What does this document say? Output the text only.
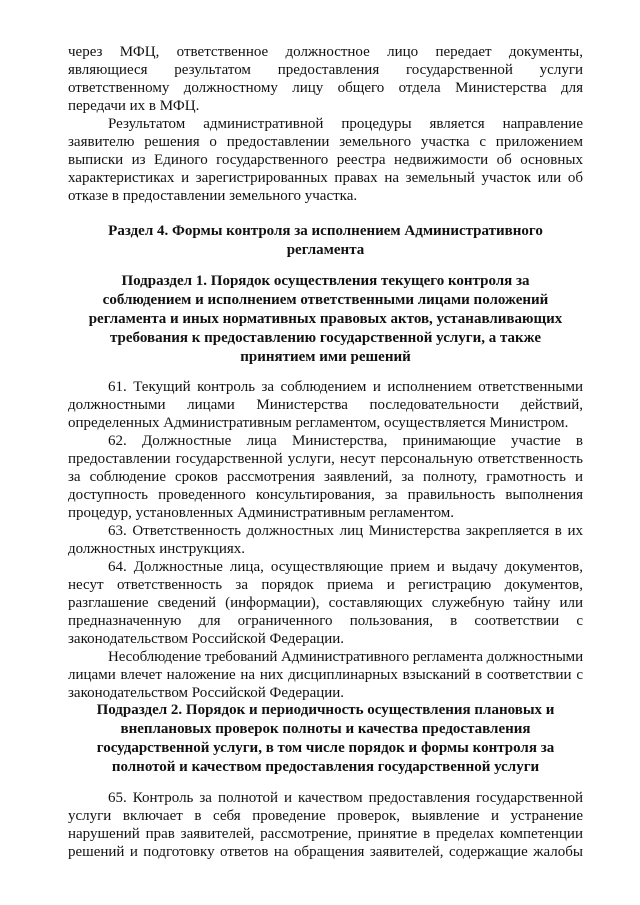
через МФЦ, ответственное должностное лицо передает документы,
являющиеся результатом предоставления государственной услуги
ответственному должностному лицу общего отдела Министерства для
передачи их в МФЦ.
Результатом административной процедуры является направление
заявителю решения о предоставлении земельного участка с приложением
выписки из Единого государственного реестра недвижимости об основных
характеристиках и зарегистрированных правах на земельный участок или об
отказе в предоставлении земельного участка.
Раздел 4. Формы контроля за исполнением Административного
регламента
Подраздел 1. Порядок осуществления текущего контроля за
соблюдением и исполнением ответственными лицами положений
регламента и иных нормативных правовых актов, устанавливающих
требования к предоставлению государственной услуги, а также
принятием ими решений
61. Текущий контроль за соблюдением и исполнением ответственными
должностными лицами Министерства последовательности действий,
определенных Административным регламентом, осуществляется Министром.
62. Должностные лица Министерства, принимающие участие в
предоставлении государственной услуги, несут персональную ответственность
за соблюдение сроков рассмотрения заявлений, за полноту, грамотность и
доступность проведенного консультирования, за правильность выполнения
процедур, установленных Административным регламентом.
63. Ответственность должностных лиц Министерства закрепляется в их
должностных инструкциях.
64. Должностные лица, осуществляющие прием и выдачу документов,
несут ответственность за порядок приема и регистрацию документов,
разглашение сведений (информации), составляющих служебную тайну или
предназначенную для ограниченного пользования, в соответствии с
законодательством Российской Федерации.
Несоблюдение требований Административного регламента должностными
лицами влечет наложение на них дисциплинарных взысканий в соответствии с
законодательством Российской Федерации.
Подраздел 2. Порядок и периодичность осуществления плановых и
внеплановых проверок полноты и качества предоставления
государственной услуги, в том числе порядок и формы контроля за
полнотой и качеством предоставления государственной услуги
65. Контроль за полнотой и качеством предоставления государственной
услуги включает в себя проведение проверок, выявление и устранение
нарушений прав заявителей, рассмотрение, принятие в пределах компетенции
решений и подготовку ответов на обращения заявителей, содержащие жалобы
